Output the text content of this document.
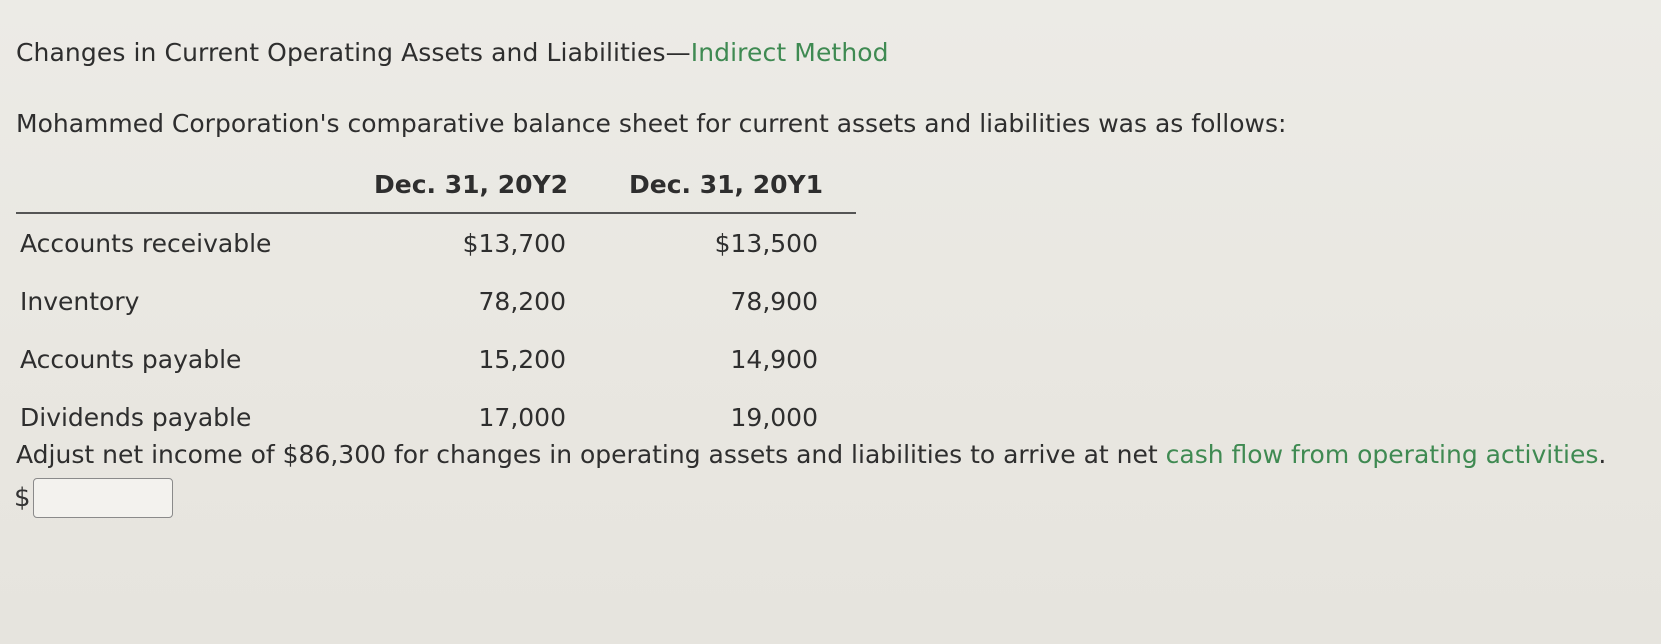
Changes in Current Operating Assets and Liabilities—Indirect Method
Mohammed Corporation's comparative balance sheet for current assets and liabilities was as follows:
	Dec. 31, 20Y2	Dec. 31, 20Y1
Accounts receivable	$13,700	$13,500
Inventory	78,200	78,900
Accounts payable	15,200	14,900
Dividends payable	17,000	19,000
Adjust net income of $86,300 for changes in operating assets and liabilities to arrive at net cash flow from operating activities.
$
